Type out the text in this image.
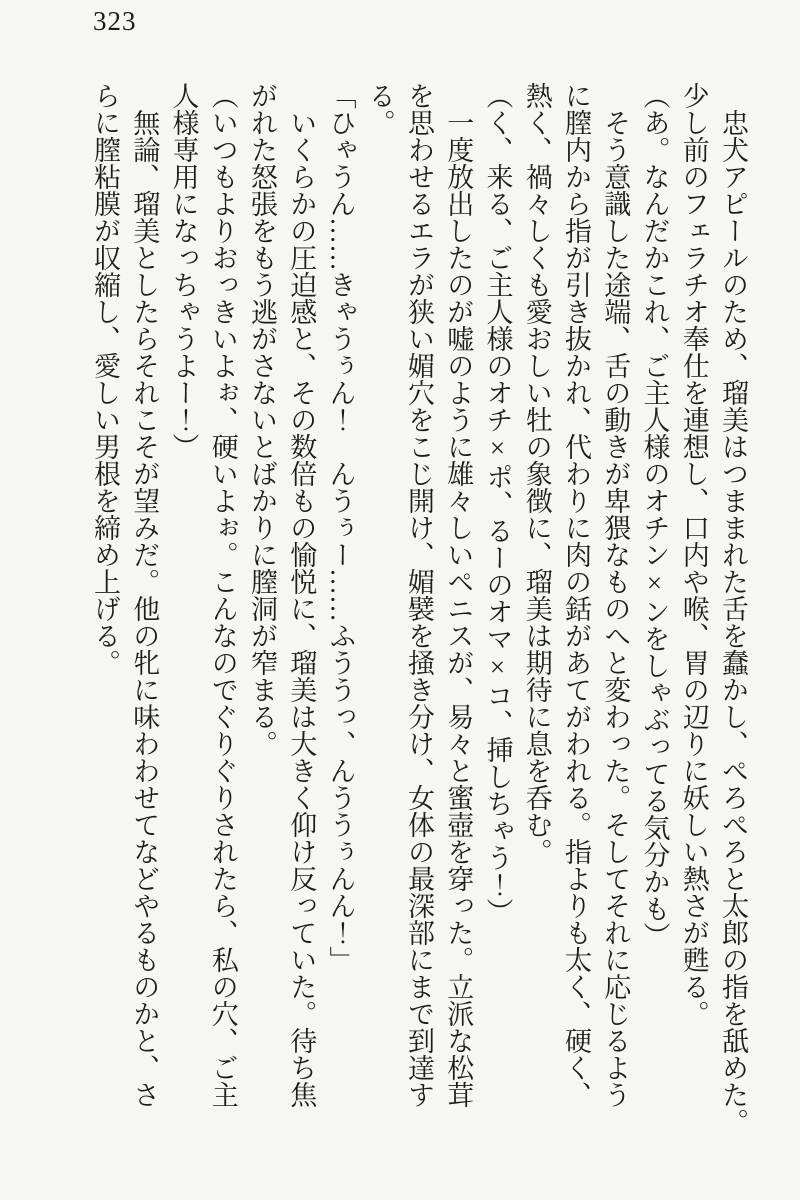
323
忠犬アピールのため、瑠美はつままれた舌を蠢かし、ぺろぺろと太郎の指を舐めた。
少し前のフェラチオ奉仕を連想し、口内や喉、胃の辺りに妖しい熱さが甦る。
（あ。なんだかこれ、ご主人様のオチン×ンをしゃぶってる気分かも）
そう意識した途端、舌の動きが卑猥なものへと変わった。そしてそれに応じるよう
に膣内から指が引き抜かれ、代わりに肉の銛があてがわれる。指よりも太く、硬く、
熱く、禍々しくも愛おしい牡の象徴に、瑠美は期待に息を呑む。
（く、来る、ご主人様のオチ×ポ、るーのオマ×コ、挿しちゃう！）
一度放出したのが嘘のように雄々しいペニスが、易々と蜜壺を穿った。立派な松茸
を思わせるエラが狭い媚穴をこじ開け、媚襞を掻き分け、女体の最深部にまで到達す
る。
「ひゃうん……きゃうぅん！　んうぅー……ふううっ、んううぅんん！」
いくらかの圧迫感と、その数倍もの愉悦に、瑠美は大きく仰け反っていた。待ち焦
がれた怒張をもう逃がさないとばかりに膣洞が窄まる。
（いつもよりおっきいよぉ、硬いよぉ。こんなのでぐりぐりされたら、私の穴、ご主
人様専用になっちゃうよー！）
無論、瑠美としたらそれこそが望みだ。他の牝に味わわせてなどやるものかと、さ
らに膣粘膜が収縮し、愛しい男根を締め上げる。
